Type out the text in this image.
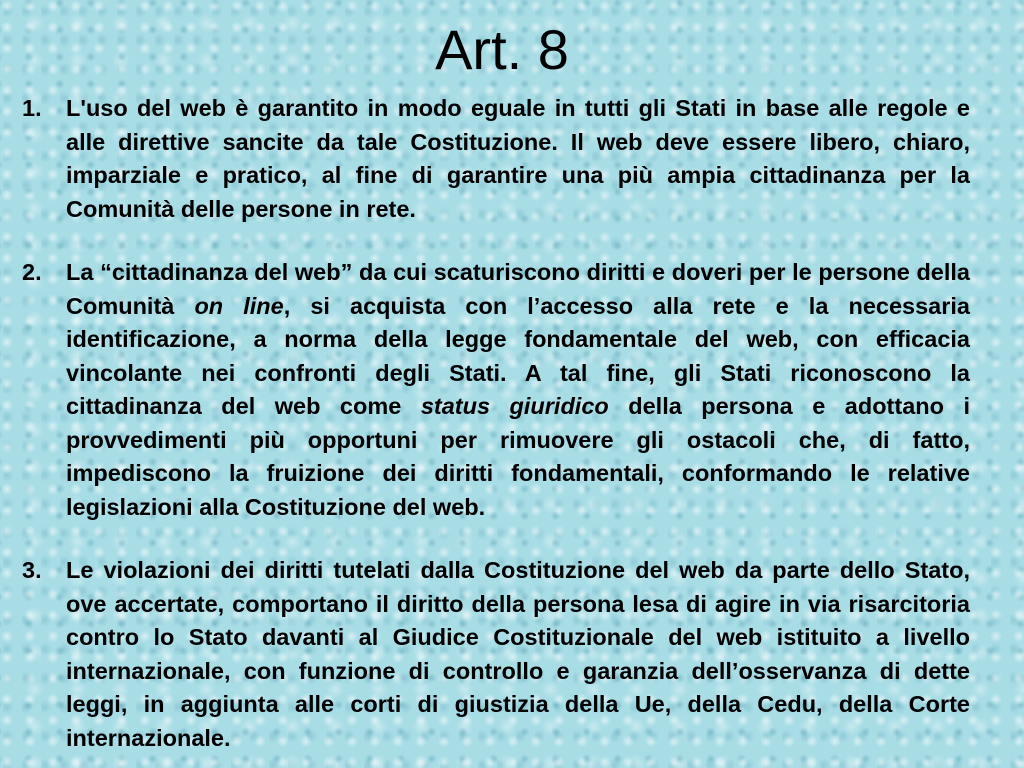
Art. 8
1.	L'uso del web è garantito in modo eguale in tutti gli Stati in base alle regole e alle direttive sancite da tale Costituzione. Il web deve essere libero, chiaro, imparziale e pratico, al fine di garantire una più ampia cittadinanza per la Comunità delle persone in rete.
2.	La “cittadinanza del web” da cui scaturiscono diritti e doveri per le persone della Comunità on line, si acquista con l’accesso alla rete e la necessaria identificazione, a norma della legge fondamentale del web, con efficacia vincolante nei confronti degli Stati. A tal fine, gli Stati riconoscono la cittadinanza del web come status giuridico della persona e adottano i provvedimenti più opportuni per rimuovere gli ostacoli che, di fatto, impediscono la fruizione dei diritti fondamentali, conformando le relative legislazioni alla Costituzione del web.
3.	Le violazioni dei diritti tutelati dalla Costituzione del web da parte dello Stato, ove accertate, comportano il diritto della persona lesa di agire in via risarcitoria contro lo Stato davanti al Giudice Costituzionale del web istituito a livello internazionale, con funzione di controllo e garanzia dell’osservanza di dette leggi, in aggiunta alle corti di giustizia della Ue, della Cedu, della Corte internazionale.
